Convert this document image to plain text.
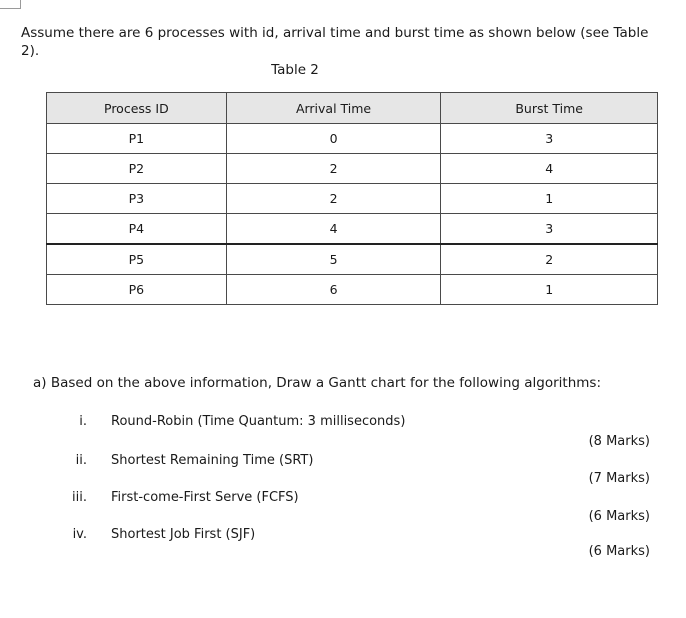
Assume there are 6 processes with id, arrival time and burst time as shown below (see Table 2).

Table 2
Process ID	Arrival Time	Burst Time
P1	0	3
P2	2	4
P3	2	1
P4	4	3
P5	5	2
P6	6	1
a) Based on the above information, Draw a Gantt chart for the following algorithms:
i. Round-Robin (Time Quantum: 3 milliseconds)
(8 Marks)
ii. Shortest Remaining Time (SRT)
(7 Marks)
iii. First-come-First Serve (FCFS)
(6 Marks)
iv. Shortest Job First (SJF)
(6 Marks)
